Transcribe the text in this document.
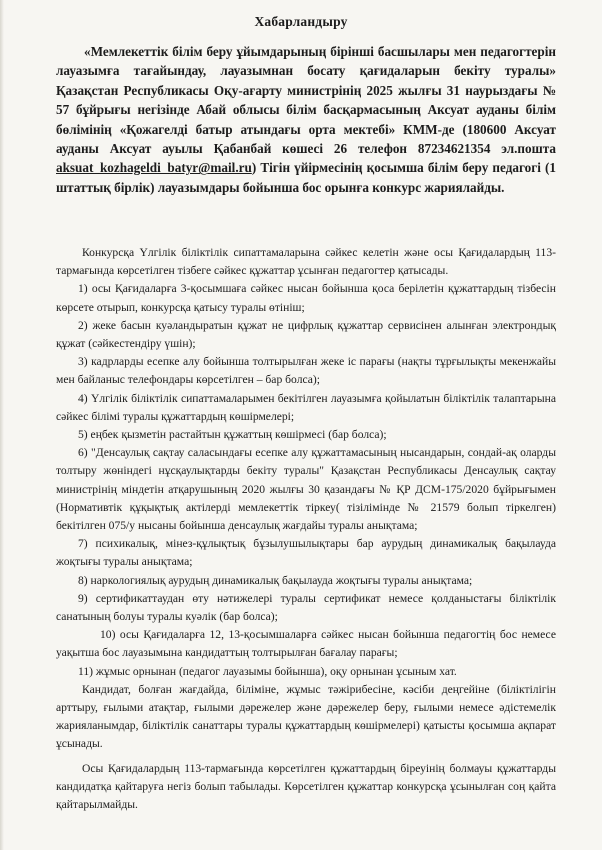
Хабарландыру
«Мемлекеттік білім беру ұйымдарының бірінші басшылары мен педагогтерін лауазымға тағайындау, лауазымнан босату қағидаларын бекіту туралы» Қазақстан Республикасы Оқу-ағарту министрінің 2025 жылғы 31 наурыздағы № 57 бұйрығы негізінде Абай облысы білім басқармасының Аксуат ауданы білім бөлімінің «Қожагелді батыр атындағы орта мектебі» КММ-де (180600 Аксуат ауданы Аксуат ауылы Қабанбай көшесі 26 телефон 87234621354 эл.пошта aksuat_kozhageldi_batyr@mail.ru) Тігін үйірмесінің қосымша білім беру педагогі (1 штаттық бірлік) лауазымдары бойынша бос орынға конкурс жариялайды.

Конкурсқа Үлгілік біліктілік сипаттамаларына сәйкес келетін және осы Қағидалардың 113-тармағында көрсетілген тізбеге сәйкес құжаттар ұсынған педагогтер қатысады.

1) осы Қағидаларға 3-қосымшаға сәйкес нысан бойынша қоса берілетін құжаттардың тізбесін көрсете отырып, конкурсқа қатысу туралы өтініш;

2) жеке басын куәландыратын құжат не цифрлық құжаттар сервисінен алынған электрондық құжат (сәйкестендіру үшін);

3) кадрларды есепке алу бойынша толтырылған жеке іс парағы (нақты тұрғылықты мекенжайы мен байланыс телефондары көрсетілген – бар болса);

4) Үлгілік біліктілік сипаттамаларымен бекітілген лауазымға қойылатын біліктілік талаптарына сәйкес білімі туралы құжаттардың көшірмелері;

5) еңбек қызметін растайтын құжаттың көшірмесі (бар болса);

6) "Денсаулық сақтау саласындағы есепке алу құжаттамасының нысандарын, сондай-ақ оларды толтыру жөніндегі нұсқаулықтарды бекіту туралы" Қазақстан Республикасы Денсаулық сақтау министрінің міндетін атқарушының 2020 жылғы 30 қазандағы № ҚР ДСМ-175/2020 бұйрығымен (Нормативтік құқықтық актілерді мемлекеттік тіркеу( тізілімінде № 21579 болып тіркелген) бекітілген 075/у нысаны бойынша денсаулық жағдайы туралы анықтама;

7) психикалық, мінез-құлықтық бұзылушылықтары бар аурудың динамикалық бақылауда жоқтығы туралы анықтама;

8) наркологиялық аурудың динамикалық бақылауда жоқтығы туралы анықтама;

9) сертификаттаудан өту нәтижелері туралы сертификат немесе қолданыстағы біліктілік санатының болуы туралы куәлік (бар болса);

10) осы Қағидаларға 12, 13-қосымшаларға сәйкес нысан бойынша педагогтің бос немесе уақытша бос лауазымына кандидаттың толтырылған бағалау парағы;

11) жұмыс орнынан (педагог лауазымы бойынша), оқу орнынан ұсыным хат.

Кандидат, болған жағдайда, біліміне, жұмыс тәжірибесіне, кәсіби деңгейіне (біліктілігін арттыру, ғылыми атақтар, ғылыми дәрежелер және дәрежелер беру, ғылыми немесе әдістемелік жарияланымдар, біліктілік санаттары туралы құжаттардың көшірмелері) қатысты қосымша ақпарат ұсынады.

Осы Қағидалардың 113-тармағында көрсетілген құжаттардың біреуінің болмауы құжаттарды кандидатқа қайтаруға негіз болып табылады. Көрсетілген құжаттар конкурсқа ұсынылған соң қайта қайтарылмайды.
